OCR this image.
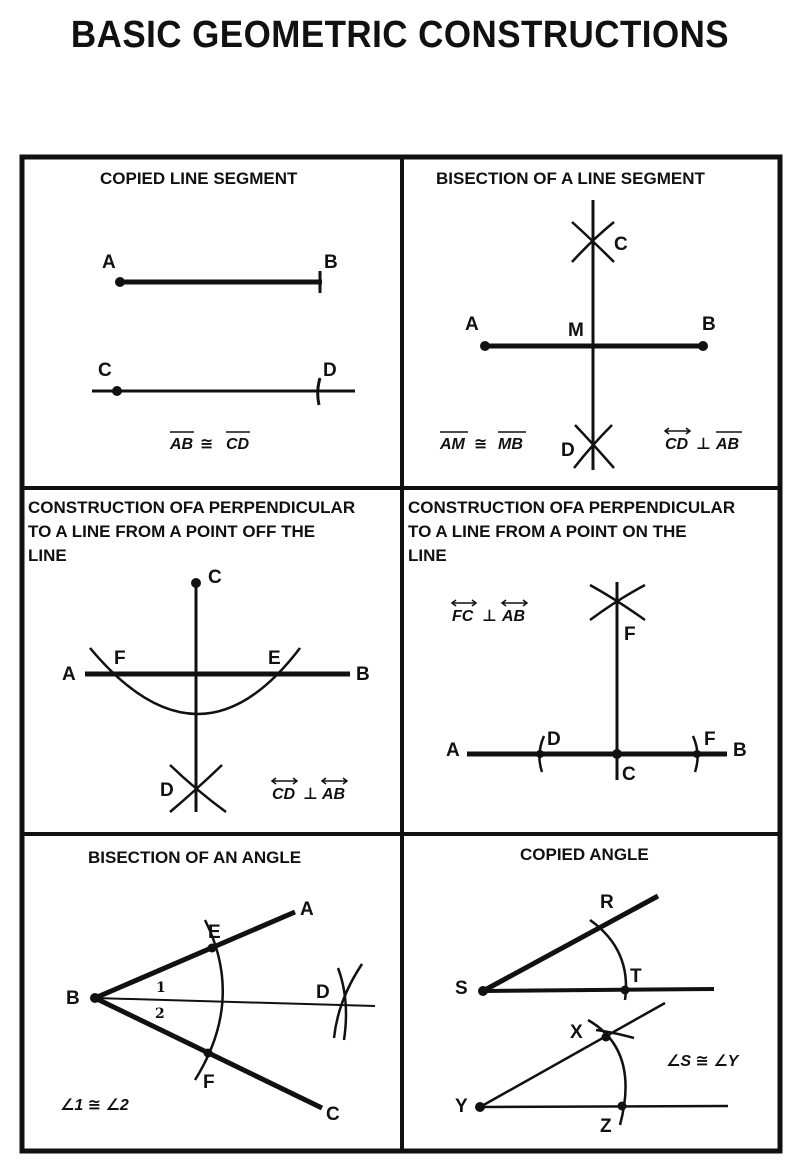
BASIC GEOMETRIC CONSTRUCTIONS
COPIED LINE SEGMENT
A	B
C	D
AB ≅ CD
BISECTION OF A LINE SEGMENT
C
A	M	B
D
AM ≅ MB	CD ⊥ AB
CONSTRUCTION OFA PERPENDICULAR
TO A LINE FROM A POINT OFF THE
LINE
C
A
F	E
B
D	CD ⊥ AB
CONSTRUCTION OFA PERPENDICULAR
TO A LINE FROM A POINT ON THE
LINE
FC ⊥ AB
F
A
D
C
F
B
BISECTION OF AN ANGLE
A
E
B	1
2
D
F
C
∠1 ≅ ∠2
COPIED ANGLE
R
T
S
X
Y
Z
∠S ≅ ∠Y
